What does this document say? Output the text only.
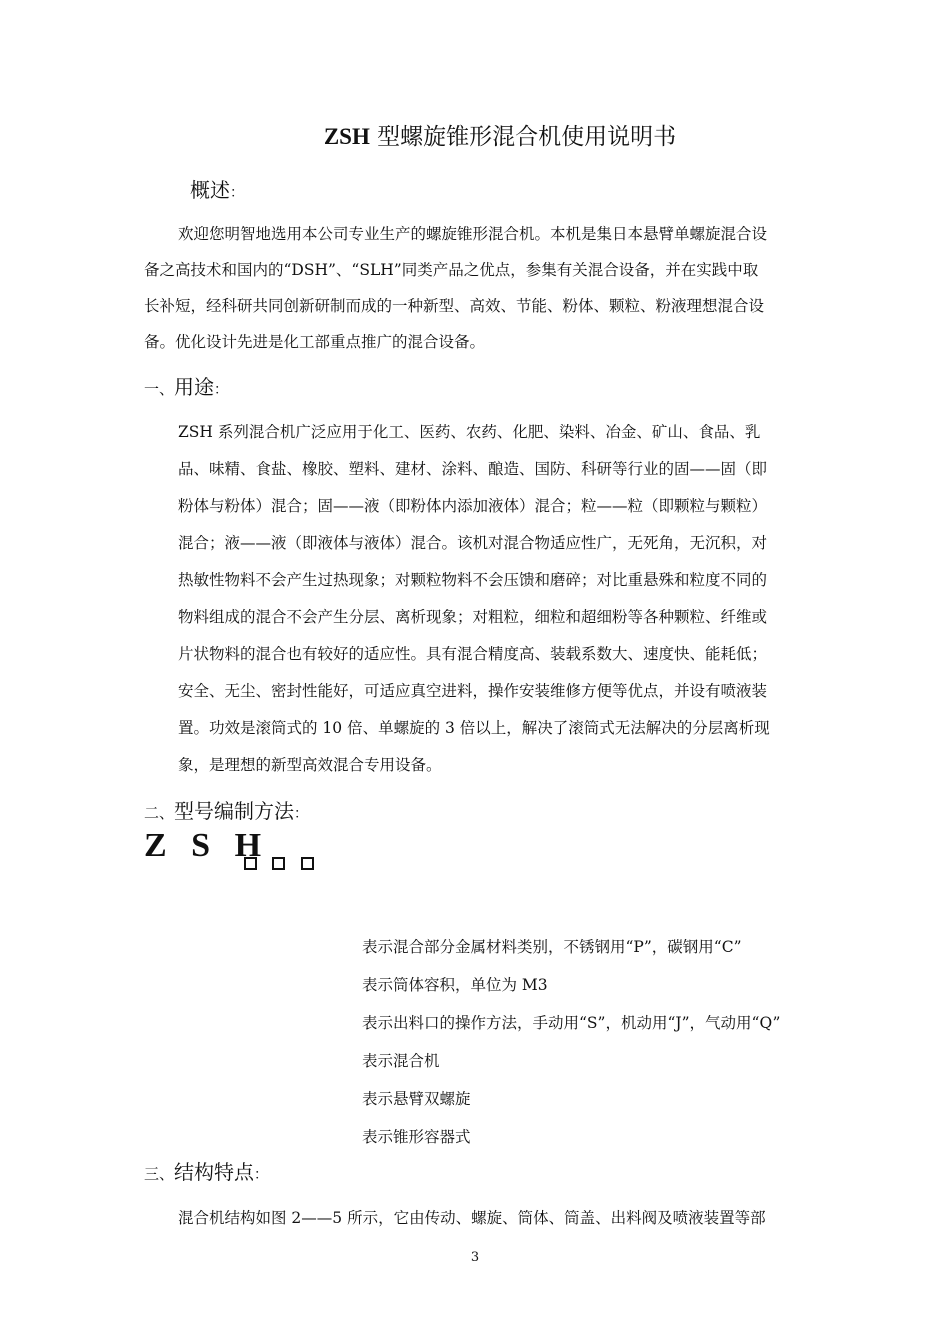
ZSH 型螺旋锥形混合机使用说明书
概述：
欢迎您明智地选用本公司专业生产的螺旋锥形混合机。本机是集日本悬臂单螺旋混合设
备之高技术和国内的“DSH”、“SLH”同类产品之优点，参集有关混合设备，并在实践中取
长补短，经科研共同创新研制而成的一种新型、高效、节能、粉体、颗粒、粉液理想混合设
备。优化设计先进是化工部重点推广的混合设备。
一、用途：
ZSH 系列混合机广泛应用于化工、医药、农药、化肥、染料、冶金、矿山、食品、乳
品、味精、食盐、橡胶、塑料、建材、涂料、酿造、国防、科研等行业的固——固（即
粉体与粉体）混合；固——液（即粉体内添加液体）混合；粒——粒（即颗粒与颗粒）
混合；液——液（即液体与液体）混合。该机对混合物适应性广，无死角，无沉积，对
热敏性物料不会产生过热现象；对颗粒物料不会压馈和磨碎；对比重悬殊和粒度不同的
物料组成的混合不会产生分层、离析现象；对粗粒，细粒和超细粉等各种颗粒、纤维或
片状物料的混合也有较好的适应性。具有混合精度高、装载系数大、速度快、能耗低；
安全、无尘、密封性能好，可适应真空进料，操作安装维修方便等优点，并设有喷液装
置。功效是滚筒式的 10 倍、单螺旋的 3 倍以上，解决了滚筒式无法解决的分层离析现
象，是理想的新型高效混合专用设备。
二、型号编制方法：
Z S H
表示混合部分金属材料类别，不锈钢用“P”，碳钢用“C”
表示筒体容积，单位为 M3
表示出料口的操作方法，手动用“S”，机动用“J”，气动用“Q”
表示混合机
表示悬臂双螺旋
表示锥形容器式
三、结构特点：
混合机结构如图 2——5 所示，它由传动、螺旋、筒体、筒盖、出料阀及喷液装置等部
3
